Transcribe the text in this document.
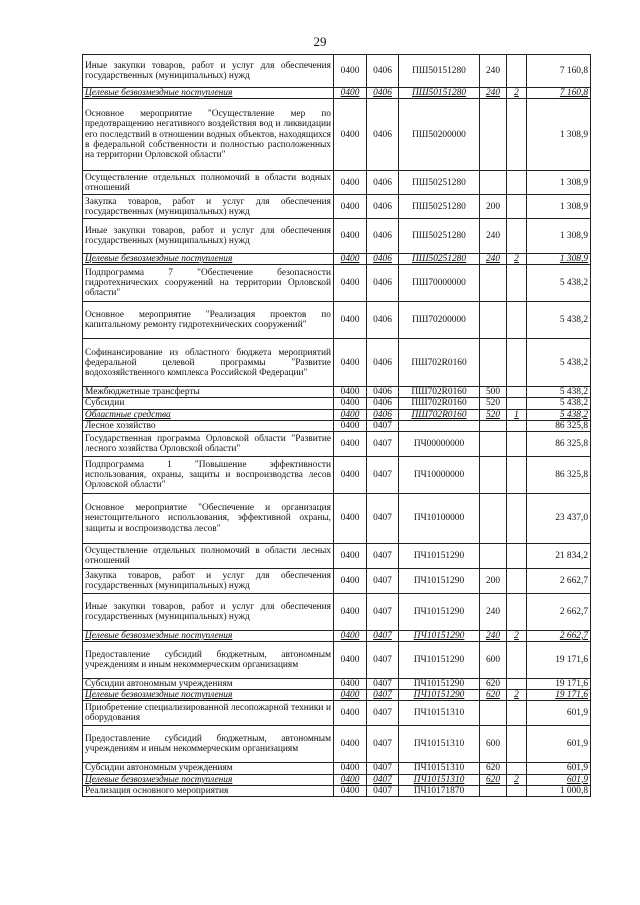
29
Иные закупки товаров, работ и услуг для обеспечения государственных (муниципальных) нужд	0400	0406	ПШ50151280	240		7 160,8
Целевые безвозмездные поступления	0400	0406	ПШ50151280	240	2	7 160,8
Основное мероприятие "Осуществление мер по предотвращению негативного воздействия вод и ликвидации его последствий в отношении водных объектов, находящихся в федеральной собственности и полностью расположенных на территории Орловской области"	0400	0406	ПШ50200000			1 308,9
Осуществление отдельных полномочий в области водных отношений	0400	0406	ПШ50251280			1 308,9
Закупка товаров, работ и услуг для обеспечения государственных (муниципальных) нужд	0400	0406	ПШ50251280	200		1 308,9
Иные закупки товаров, работ и услуг для обеспечения государственных (муниципальных) нужд	0400	0406	ПШ50251280	240		1 308,9
Целевые безвозмездные поступления	0400	0406	ПШ50251280	240	2	1 308,9
Подпрограмма 7 "Обеспечение безопасности гидротехнических сооружений на территории Орловской области"	0400	0406	ПШ70000000			5 438,2
Основное мероприятие "Реализация проектов по капитальному ремонту гидротехнических сооружений"	0400	0406	ПШ70200000			5 438,2
Софинансирование из областного бюджета мероприятий федеральной целевой программы "Развитие водохозяйственного комплекса Российской Федерации"	0400	0406	ПШ702R0160			5 438,2
Межбюджетные трансферты	0400	0406	ПШ702R0160	500		5 438,2
Субсидии	0400	0406	ПШ702R0160	520		5 438,2
Областные средства	0400	0406	ПШ702R0160	520	1	5 438,2
Лесное хозяйство	0400	0407				86 325,8
Государственная программа Орловской области "Развитие лесного хозяйства Орловской области"	0400	0407	ПЧ00000000			86 325,8
Подпрограмма 1 "Повышение эффективности использования, охраны, защиты и воспроизводства лесов Орловской области"	0400	0407	ПЧ10000000			86 325,8
Основное мероприятие "Обеспечение и организация неистощительного использования, эффективной охраны, защиты и воспроизводства лесов"	0400	0407	ПЧ10100000			23 437,0
Осуществление отдельных полномочий в области лесных отношений	0400	0407	ПЧ10151290			21 834,2
Закупка товаров, работ и услуг для обеспечения государственных (муниципальных) нужд	0400	0407	ПЧ10151290	200		2 662,7
Иные закупки товаров, работ и услуг для обеспечения государственных (муниципальных) нужд	0400	0407	ПЧ10151290	240		2 662,7
Целевые безвозмездные поступления	0400	0407	ПЧ10151290	240	2	2 662,7
Предоставление субсидий бюджетным, автономным учреждениям и иным некоммерческим организациям	0400	0407	ПЧ10151290	600		19 171,6
Субсидии автономным учреждениям	0400	0407	ПЧ10151290	620		19 171,6
Целевые безвозмездные поступления	0400	0407	ПЧ10151290	620	2	19 171,6
Приобретение специализированной лесопожарной техники и оборудования	0400	0407	ПЧ10151310			601,9
Предоставление субсидий бюджетным, автономным учреждениям и иным некоммерческим организациям	0400	0407	ПЧ10151310	600		601,9
Субсидии автономным учреждениям	0400	0407	ПЧ10151310	620		601,9
Целевые безвозмездные поступления	0400	0407	ПЧ10151310	620	2	601,9
Реализация основного мероприятия	0400	0407	ПЧ10171870			1 000,8
